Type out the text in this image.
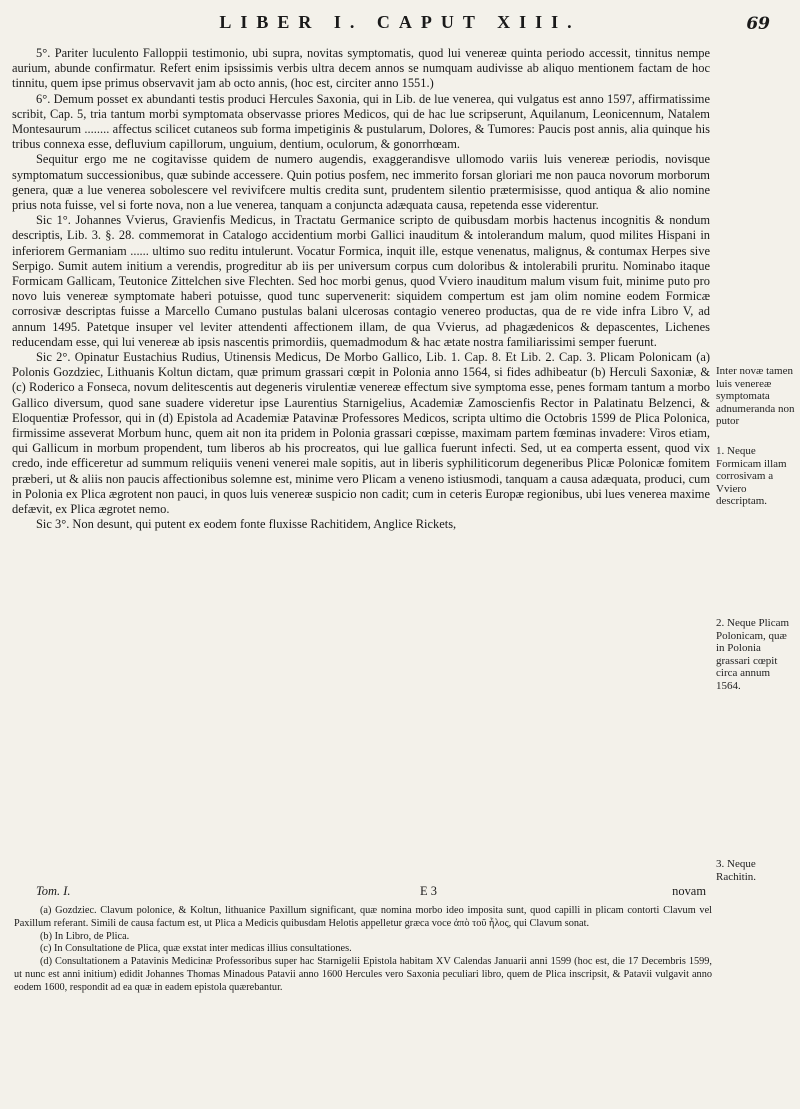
LIBER I. CAPUT XIII.	69

5°. Pariter luculento Falloppii testimonio, ubi supra, novitas symptomatis, quod lui venereæ quinta periodo accessit, tinnitus nempe aurium, abunde confirmatur. Refert enim ipsissimis verbis ultra decem annos se numquam audivisse ab aliquo mentionem factam de hoc tinnitu, quem ipse primus observavit jam ab octo annis, (hoc est, circiter anno 1551.)

6°. Demum posset ex abundanti testis produci Hercules Saxonia, qui in Lib. de lue venerea, qui vulgatus est anno 1597, affirmatissime scribit, Cap. 5, tria tantum morbi symptomata observasse priores Medicos, qui de hac lue scripserunt, Aquilanum, Leonicennum, Natalem Montesaurum ........ affectus scilicet cutaneos sub forma impetiginis & pustularum, Dolores, & Tumores: Paucis post annis, alia quinque his tribus connexa esse, defluvium capillorum, unguium, dentium, oculorum, & gonorrhœam.

Sequitur ergo me ne cogitavisse quidem de numero augendis, exaggerandisve ullomodo variis luis venereæ periodis, novisque symptomatum successionibus, quæ subinde accessere. Quin potius posfem, nec immerito forsan gloriari me non pauca novorum morborum genera, quæ a lue venerea sobolescere vel revivifcere multis credita sunt, prudentem silentio prætermisisse, quod antiqua & alio nomine prius nota fuisse, vel si forte nova, non a lue venerea, tanquam a conjuncta adæquata causa, repetenda esse viderentur.

Sic 1°. Johannes Vvierus, Gravienfis Medicus, in Tractatu Germanice scripto de quibusdam morbis hactenus incognitis & nondum descriptis, Lib. 3. §. 28. commemorat in Catalogo accidentium morbi Gallici inauditum & intolerandum malum, quod milites Hispani in inferiorem Germaniam ...... ultimo suo reditu intulerunt. Vocatur Formica, inquit ille, estque venenatus, malignus, & contumax Herpes sive Serpigo. Sumit autem initium a verendis, progreditur ab iis per universum corpus cum doloribus & intolerabili pruritu. Nominabo itaque Formicam Gallicam, Teutonice Zittelchen sive Flechten. Sed hoc morbi genus, quod Vviero inauditum malum visum fuit, minime puto pro novo luis venereæ symptomate haberi potuisse, quod tunc supervenerit: siquidem compertum est jam olim nomine eodem Formicæ corrosivæ descriptas fuisse a Marcello Cumano pustulas balani ulcerosas contagio venereo productas, qua de re vide infra Libro V, ad annum 1495. Patetque insuper vel leviter attendenti affectionem illam, de qua Vvierus, ad phagædenicos & depascentes, Lichenes reducendam esse, qui lui venereæ ab ipsis nascentis primordiis, quemadmodum & hac ætate nostra familiarissimi semper fuerunt.

Sic 2°. Opinatur Eustachius Rudius, Utinensis Medicus, De Morbo Gallico, Lib. 1. Cap. 8. Et Lib. 2. Cap. 3. Plicam Polonicam (a) Polonis Gozdziec, Lithuanis Koltun dictam, quæ primum grassari cœpit in Polonia anno 1564, si fides adhibeatur (b) Herculi Saxoniæ, & (c) Roderico a Fonseca, novum delitescentis aut degeneris virulentiæ venereæ effectum sive symptoma esse, penes formam tantum a morbo Gallico diversum, quod sane suadere videretur ipse Laurentius Starnigelius, Academiæ Zamoscienfis Rector in Palatinatu Belzenci, & Eloquentiæ Professor, qui in (d) Epistola ad Academiæ Patavinæ Professores Medicos, scripta ultimo die Octobris 1599 de Plica Polonica, firmissime asseverat Morbum hunc, quem ait non ita pridem in Polonia grassari cœpisse, maximam partem fœminas invadere: Viros etiam, qui Gallicum in morbum propendent, tum liberos ab his procreatos, qui lue gallica fuerunt infecti. Sed, ut ea comperta essent, quod vix credo, inde efficeretur ad summum reliquiis veneni venerei male sopitis, aut in liberis syphiliticorum degeneribus Plicæ Polonicæ fomitem præberi, ut & aliis non paucis affectionibus solemne est, minime vero Plicam a veneno istiusmodi, tanquam a causa adæquata, produci, cum in Polonia ex Plica ægrotent non pauci, in quos luis venereæ suspicio non cadit; cum in ceteris Europæ regionibus, ubi lues venerea maxime defævit, ex Plica ægrotet nemo.

Sic 3°. Non desunt, qui putent ex eodem fonte fluxisse Rachitidem, Anglice Rickets,

Inter novæ tamen luis venereæ symptomata adnumeranda non putor
1. Neque Formicam illam corrosivam a Vviero descriptam.
2. Neque Plicam Polonicam, quæ in Polonia grassari cœpit circa annum 1564.
3. Neque Rachitin.
Tom. I.	E 3	novam

(a) Gozdziec. Clavum polonice, & Koltun, lithuanice Paxillum significant, quæ nomina morbo ideo imposita sunt, quod capilli in plicam contorti Clavum vel Paxillum referant. Simili de causa factum est, ut Plica a Medicis quibusdam Helotis appelletur græca voce ἀπὸ τοῦ ἧλος, qui Clavum sonat.

(b) In Libro, de Plica.

(c) In Consultatione de Plica, quæ exstat inter medicas illius consultationes.

(d) Consultationem a Patavinis Medicinæ Professoribus super hac Starnigelii Epistola habitam XV Calendas Januarii anni 1599 (hoc est, die 17 Decembris 1599, ut nunc est anni initium) edidit Johannes Thomas Minadous Patavii anno 1600 Hercules vero Saxonia peculiari libro, quem de Plica inscripsit, & Patavii vulgavit anno eodem 1600, respondit ad ea quæ in eadem epistola quærebantur.
